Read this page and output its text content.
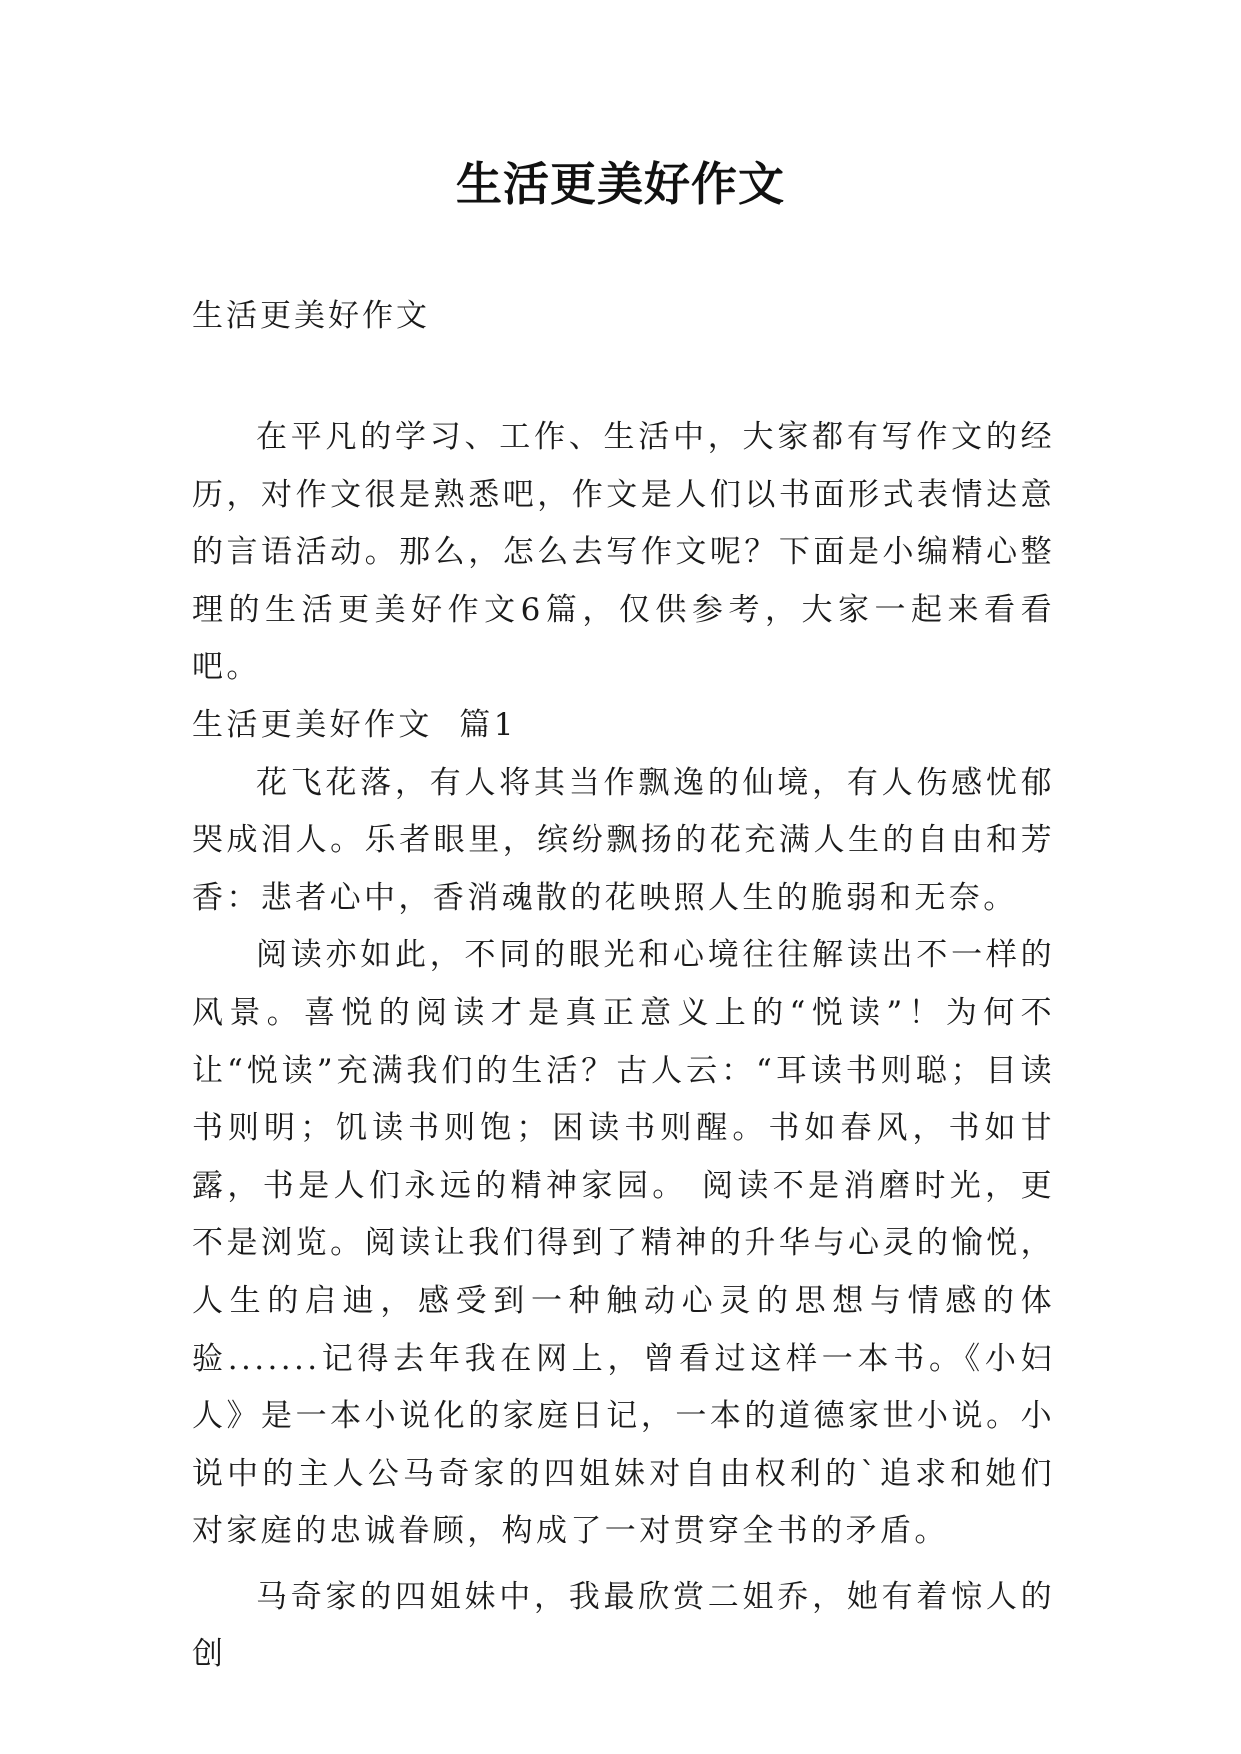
生活更美好作文
生活更美好作文

在平凡的学习、工作、生活中，大家都有写作文的经历，对作文很是熟悉吧，作文是人们以书面形式表情达意的言语活动。那么，怎么去写作文呢？下面是小编精心整理的生活更美好作文6篇，仅供参考，大家一起来看看吧。

生活更美好作文  篇1

花飞花落，有人将其当作飘逸的仙境，有人伤感忧郁哭成泪人。乐者眼里，缤纷飘扬的花充满人生的自由和芳香：悲者心中，香消魂散的花映照人生的脆弱和无奈。

阅读亦如此，不同的眼光和心境往往解读出不一样的风景。喜悦的阅读才是真正意义上的“悦读”！为何不让“悦读”充满我们的生活？古人云：“耳读书则聪；目读书则明；饥读书则饱；困读书则醒。书如春风，书如甘露，书是人们永远的精神家园。 阅读不是消磨时光，更不是浏览。阅读让我们得到了精神的升华与心灵的愉悦，人生的启迪，感受到一种触动心灵的思想与情感的体验.......记得去年我在网上，曾看过这样一本书。《小妇人》是一本小说化的家庭日记，一本的道德家世小说。小说中的主人公马奇家的四姐妹对自由权利的`追求和她们对家庭的忠诚眷顾，构成了一对贯穿全书的矛盾。

马奇家的四姐妹中，我最欣赏二姐乔，她有着惊人的创
